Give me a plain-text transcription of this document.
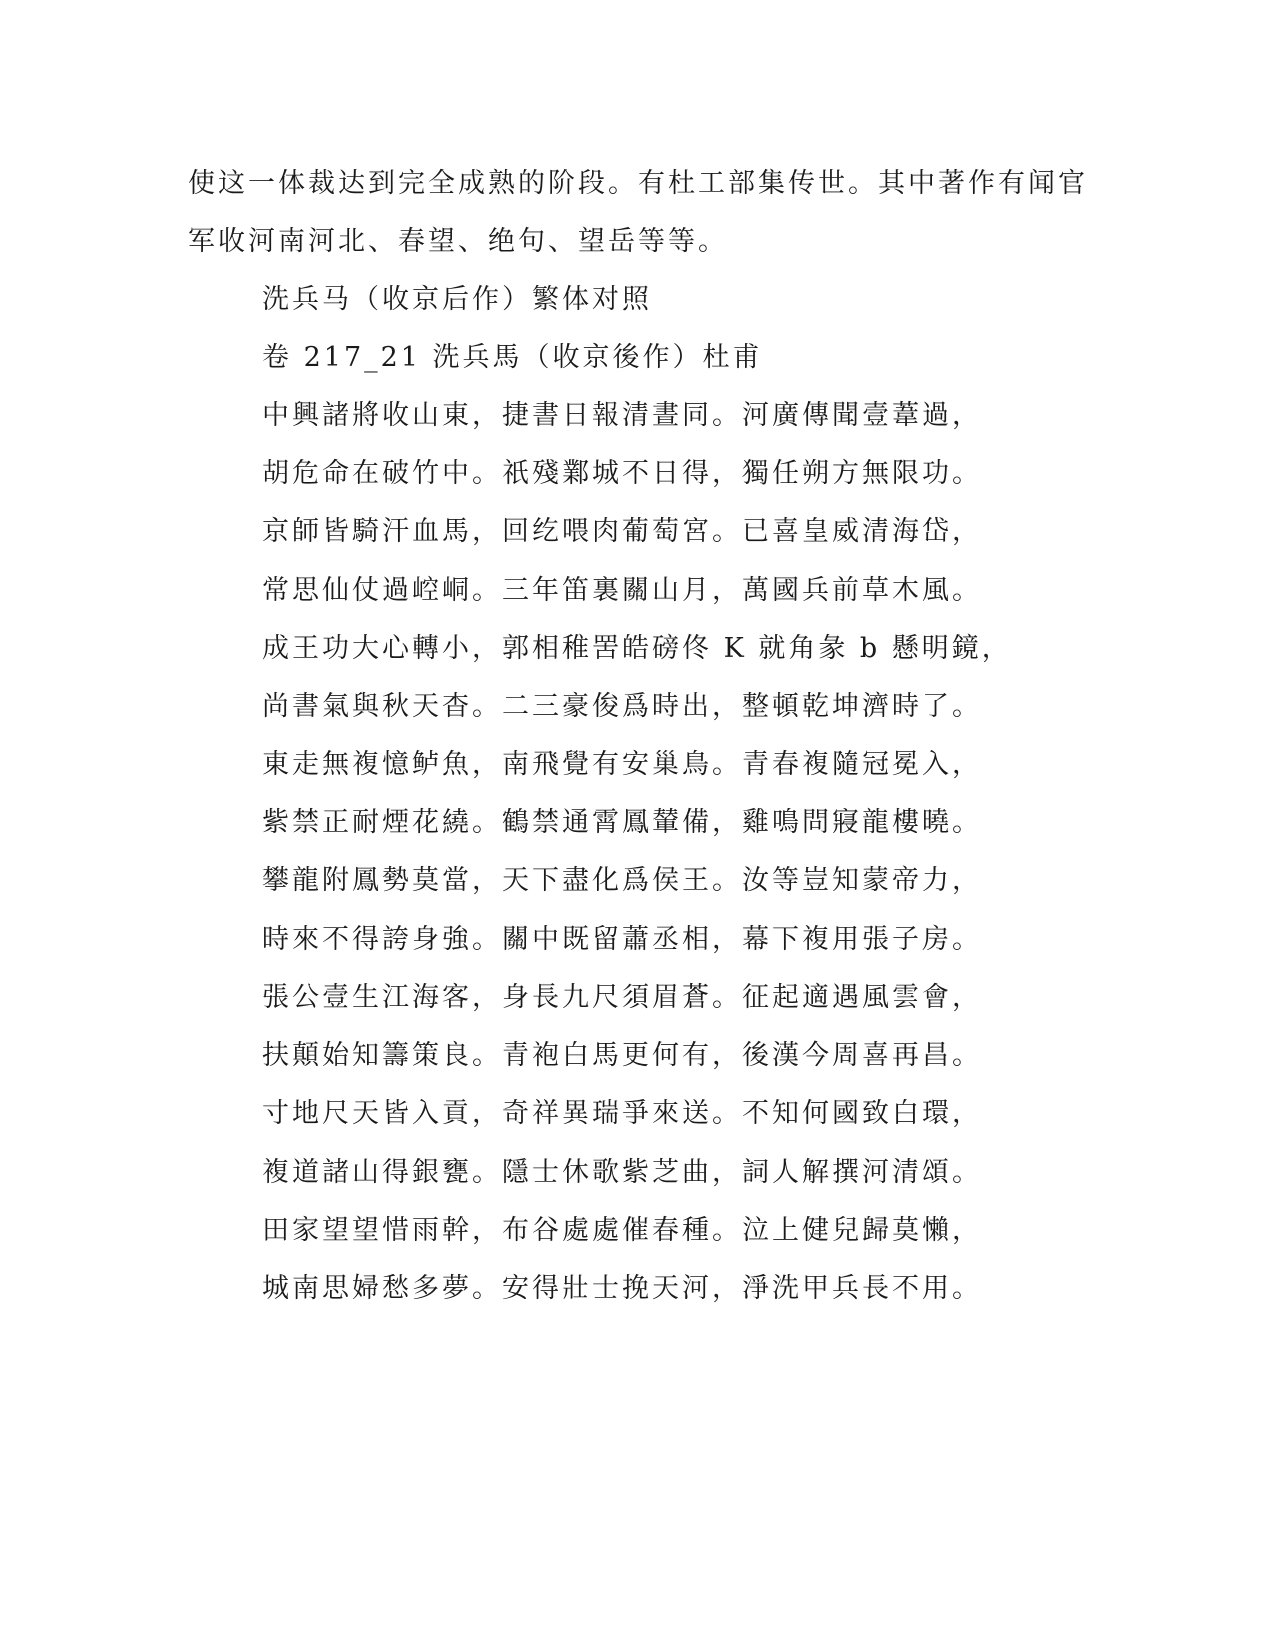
使这一体裁达到完全成熟的阶段。有杜工部集传世。其中著作有闻官
军收河南河北、春望、绝句、望岳等等。
洗兵马（收京后作）繁体对照
卷 217_21 洗兵馬（收京後作）杜甫
中興諸將收山東，捷書日報清晝同。河廣傳聞壹葦過，
胡危命在破竹中。祇殘鄴城不日得，獨任朔方無限功。
京師皆騎汗血馬，回纥喂肉葡萄宮。已喜皇威清海岱，
常思仙仗過崆峒。三年笛裏關山月，萬國兵前草木風。
成王功大心轉小，郭相稚罟皓磅佟 K 就角彖 b 懸明鏡，
尚書氣與秋天杳。二三豪俊爲時出，整頓乾坤濟時了。
東走無複憶鲈魚，南飛覺有安巢鳥。青春複隨冠冕入，
紫禁正耐煙花繞。鶴禁通霄鳳輦備，雞鳴問寢龍樓曉。
攀龍附鳳勢莫當，天下盡化爲侯王。汝等豈知蒙帝力，
時來不得誇身強。關中既留蕭丞相，幕下複用張子房。
張公壹生江海客，身長九尺須眉蒼。征起適遇風雲會，
扶顛始知籌策良。青袍白馬更何有，後漢今周喜再昌。
寸地尺天皆入貢，奇祥異瑞爭來送。不知何國致白環，
複道諸山得銀甕。隱士休歌紫芝曲，詞人解撰河清頌。
田家望望惜雨幹，布谷處處催春種。泣上健兒歸莫懶，
城南思婦愁多夢。安得壯士挽天河，淨洗甲兵長不用。
